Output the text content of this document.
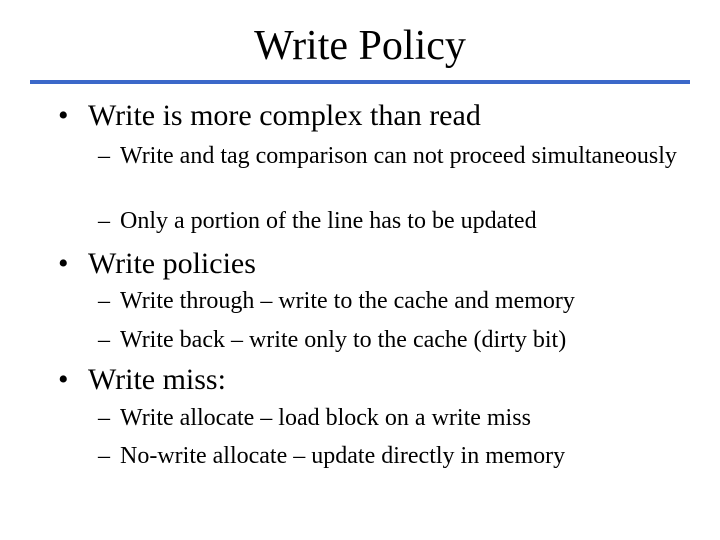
Write Policy
• Write is more complex than read
– Write and tag comparison can not proceed simultaneously
– Only a portion of the line has to be updated
• Write policies
– Write through – write to the cache and memory
– Write back – write only to the cache (dirty bit)
• Write miss:
– Write allocate – load block on a write miss
– No-write allocate – update directly in memory
